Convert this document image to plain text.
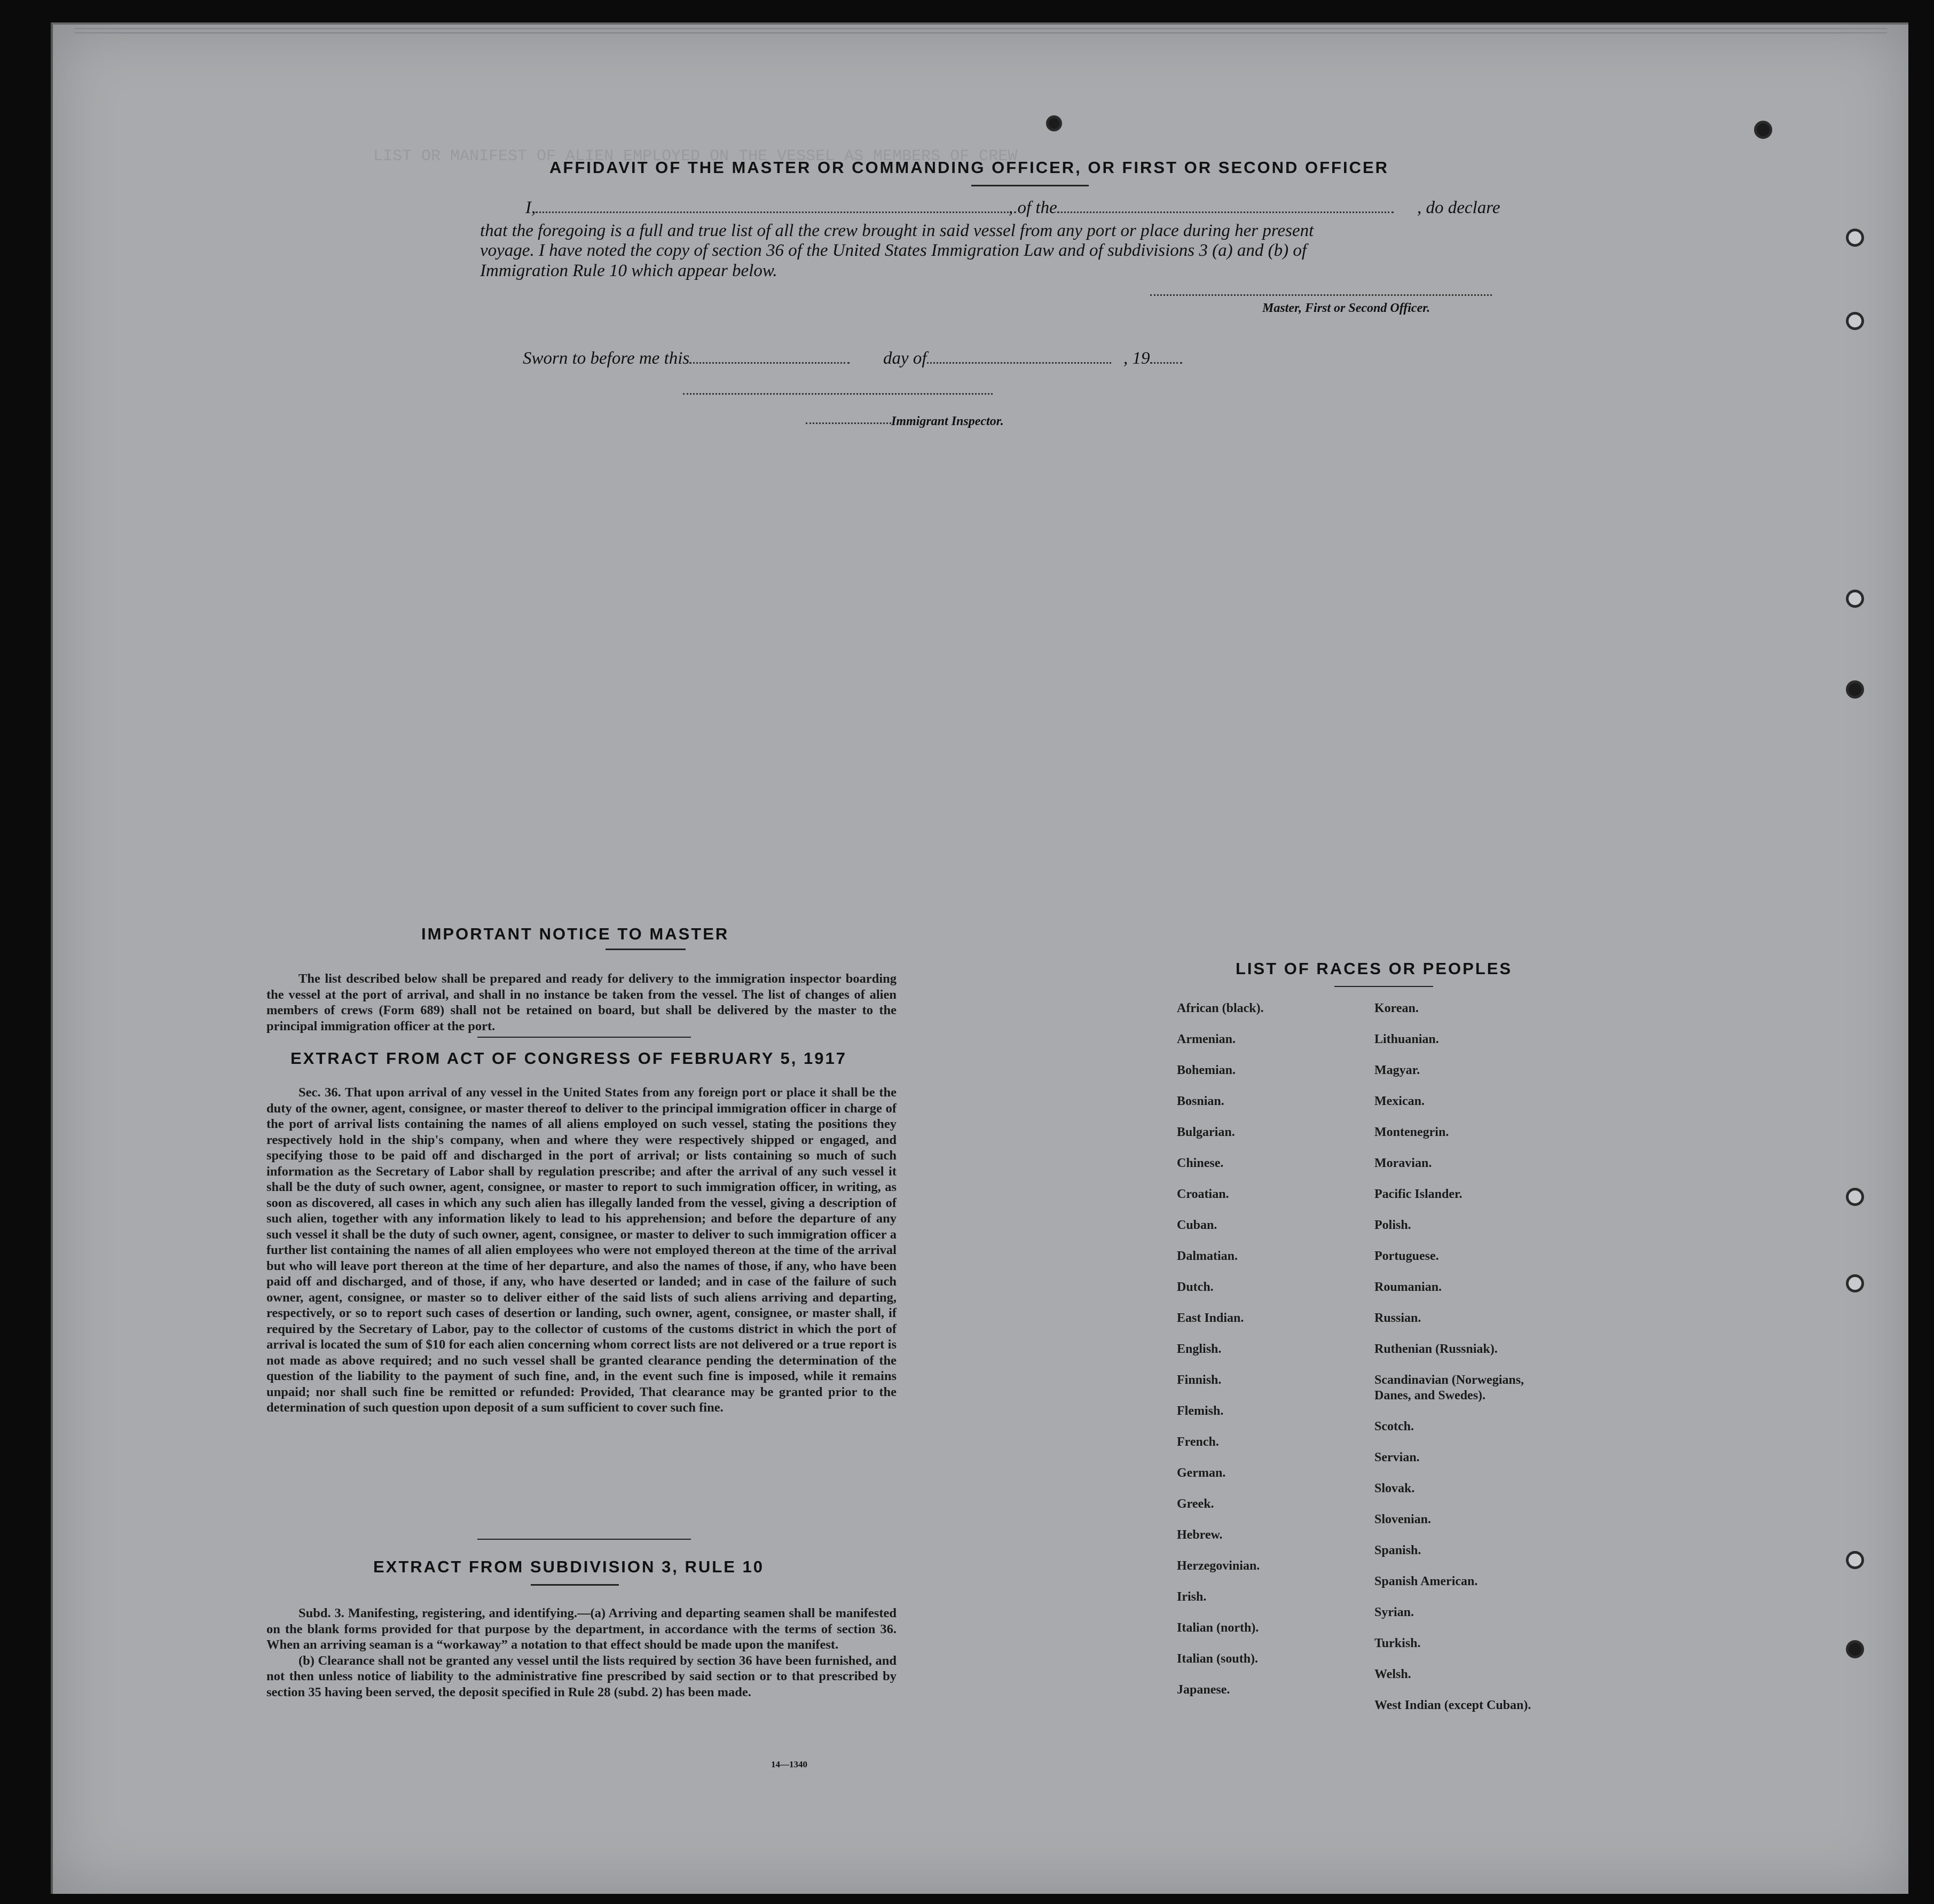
AFFIDAVIT OF THE MASTER OR COMMANDING OFFICER, OR FIRST OR SECOND OFFICER
I,	, of the	, do declare
that the foregoing is a full and true list of all the crew brought in said vessel from any port or place during her present
voyage. I have noted the copy of section 36 of the United States Immigration Law and of subdivisions 3 (a) and (b) of
Immigration Rule 10 which appear below.
Master, First or Second Officer.
Sworn to before me this	day of	, 19
Immigrant Inspector.
LIST OR MANIFEST OF ALIEN EMPLOYED ON THE VESSEL AS MEMBERS OF CREW
IMPORTANT NOTICE TO MASTER

The list described below shall be prepared and ready for delivery to the immigration inspector boarding the vessel at the port of arrival, and shall in no instance be taken from the vessel. The list of changes of alien members of crews (Form 689) shall not be retained on board, but shall be delivered by the master to the principal immigration officer at the port.

EXTRACT FROM ACT OF CONGRESS OF FEBRUARY 5, 1917

Sec. 36. That upon arrival of any vessel in the United States from any foreign port or place it shall be the duty of the owner, agent, consignee, or master thereof to deliver to the principal immigration officer in charge of the port of arrival lists containing the names of all aliens employed on such vessel, stating the positions they respectively hold in the ship's company, when and where they were respectively shipped or engaged, and specifying those to be paid off and discharged in the port of arrival; or lists containing so much of such information as the Secretary of Labor shall by regulation prescribe; and after the arrival of any such vessel it shall be the duty of such owner, agent, consignee, or master to report to such immigration officer, in writing, as soon as discovered, all cases in which any such alien has illegally landed from the vessel, giving a description of such alien, together with any information likely to lead to his apprehension; and before the departure of any such vessel it shall be the duty of such owner, agent, consignee, or master to deliver to such immigration officer a further list containing the names of all alien employees who were not employed thereon at the time of the arrival but who will leave port thereon at the time of her departure, and also the names of those, if any, who have been paid off and discharged, and of those, if any, who have deserted or landed; and in case of the failure of such owner, agent, consignee, or master so to deliver either of the said lists of such aliens arriving and departing, respectively, or so to report such cases of desertion or landing, such owner, agent, consignee, or master shall, if required by the Secretary of Labor, pay to the collector of customs of the customs district in which the port of arrival is located the sum of $10 for each alien concerning whom correct lists are not delivered or a true report is not made as above required; and no such vessel shall be granted clearance pending the determination of the question of the liability to the payment of such fine, and, in the event such fine is imposed, while it remains unpaid; nor shall such fine be remitted or refunded: Provided, That clearance may be granted prior to the determination of such question upon deposit of a sum sufficient to cover such fine.

EXTRACT FROM SUBDIVISION 3, RULE 10

Subd. 3. Manifesting, registering, and identifying.—(a) Arriving and departing seamen shall be manifested on the blank forms provided for that purpose by the department, in accordance with the terms of section 36. When an arriving seaman is a “workaway” a notation to that effect should be made upon the manifest.

(b) Clearance shall not be granted any vessel until the lists required by section 36 have been furnished, and not then unless notice of liability to the administrative fine prescribed by said section or to that prescribed by section 35 having been served, the deposit specified in Rule 28 (subd. 2) has been made.

14—1340
LIST OF RACES OR PEOPLES
African (black).
Armenian.
Bohemian.
Bosnian.
Bulgarian.
Chinese.
Croatian.
Cuban.
Dalmatian.
Dutch.
East Indian.
English.
Finnish.
Flemish.
French.
German.
Greek.
Hebrew.
Herzegovinian.
Irish.
Italian (north).
Italian (south).
Japanese.
Korean.
Lithuanian.
Magyar.
Mexican.
Montenegrin.
Moravian.
Pacific Islander.
Polish.
Portuguese.
Roumanian.
Russian.
Ruthenian (Russniak).
Scandinavian (Norwegians,
Danes, and Swedes).
Scotch.
Servian.
Slovak.
Slovenian.
Spanish.
Spanish American.
Syrian.
Turkish.
Welsh.
West Indian (except Cuban).
